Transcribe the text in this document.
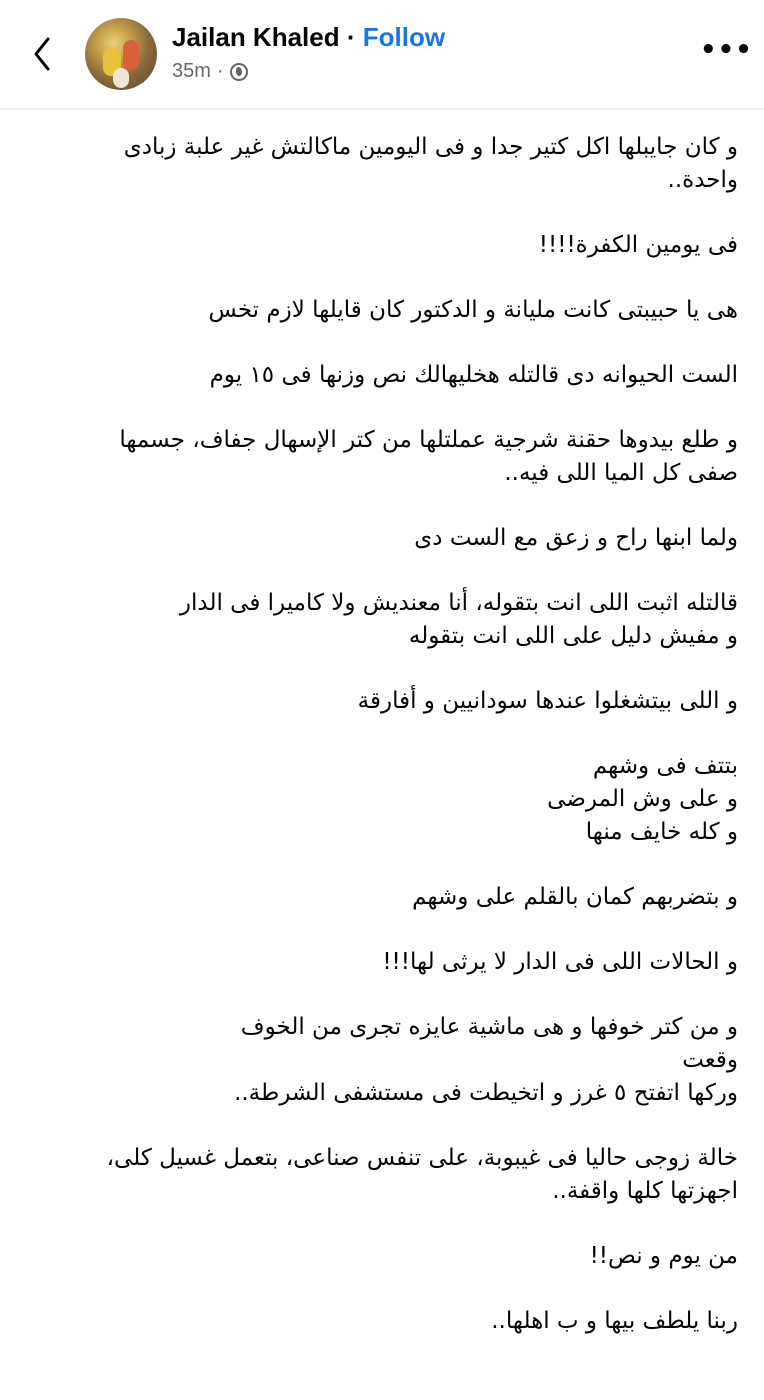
Jailan Khaled · Follow
35m ·
•••

و كان جايبلها اكل كتير جدا و فى اليومين ماكالتش غير علبة زبادى
واحدة..

فى يومين الكفرة!!!!

هى يا حبيبتى كانت مليانة و الدكتور كان قايلها لازم تخس

الست الحيوانه دى قالتله هخليهالك نص وزنها فى ١٥ يوم

و طلع بيدوها حقنة شرجية عملتلها من كتر الإسهال جفاف، جسمها
صفى كل الميا اللى فيه..

ولما ابنها راح و زعق مع الست دى

قالتله اثبت اللى انت بتقوله، أنا معنديش ولا كاميرا فى الدار
و مفيش دليل على اللى انت بتقوله

و اللى بيتشغلوا عندها سودانيين و أفارقة

بتتف فى وشهم
و على وش المرضى
و كله خايف منها

و بتضربهم كمان بالقلم على وشهم

و الحالات اللى فى الدار لا يرثى لها!!!

و من كتر خوفها و هى ماشية عايزه تجرى من الخوف
وقعت
وركها اتفتح ٥ غرز و اتخيطت فى مستشفى الشرطة..

خالة زوجى حاليا فى غيبوبة، على تنفس صناعى، بتعمل غسيل كلى،
اجهزتها كلها واقفة..

من يوم و نص!!

ربنا يلطف بيها و ب اهلها..
